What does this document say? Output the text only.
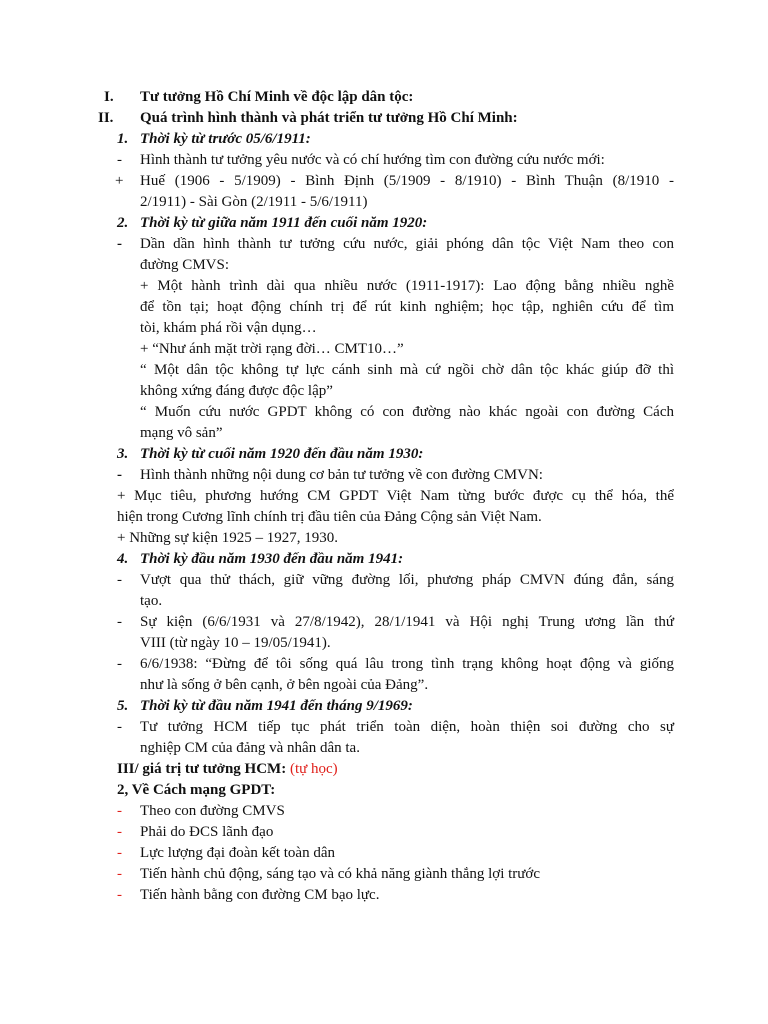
I. Tư tưởng Hồ Chí Minh về độc lập dân tộc:
II. Quá trình hình thành và phát triển tư tưởng Hồ Chí Minh:
1. Thời kỳ từ trước 05/6/1911:
- Hình thành tư tưởng yêu nước và có chí hướng tìm con đường cứu nước mới:
+ Huế (1906 - 5/1909) - Bình Định (5/1909 - 8/1910) - Bình Thuận (8/1910 -
2/1911) - Sài Gòn (2/1911 - 5/6/1911)
2. Thời kỳ từ giữa năm 1911 đến cuối năm 1920:
- Dần dần hình thành tư tưởng cứu nước, giải phóng dân tộc Việt Nam theo con
đường CMVS:
+ Một hành trình dài qua nhiều nước (1911-1917): Lao động bằng nhiều nghề
để tồn tại; hoạt động chính trị để rút kinh nghiệm; học tập, nghiên cứu để tìm
tòi, khám phá rồi vận dụng…
+ “Như ánh mặt trời rạng đời… CMT10…”
“ Một dân tộc không tự lực cánh sinh mà cứ ngồi chờ dân tộc khác giúp đỡ thì
không xứng đáng được độc lập”
“ Muốn cứu nước GPDT không có con đường nào khác ngoài con đường Cách
mạng vô sản”
3. Thời kỳ từ cuối năm 1920 đến đầu năm 1930:
- Hình thành những nội dung cơ bản tư tưởng về con đường CMVN:
+ Mục tiêu, phương hướng CM GPDT Việt Nam từng bước được cụ thể hóa, thể
hiện trong Cương lĩnh chính trị đầu tiên của Đảng Cộng sản Việt Nam.
+ Những sự kiện 1925 – 1927, 1930.
4. Thời kỳ đầu năm 1930 đến đầu năm 1941:
- Vượt qua thử thách, giữ vững đường lối, phương pháp CMVN đúng đắn, sáng
tạo.
- Sự kiện (6/6/1931 và 27/8/1942), 28/1/1941 và Hội nghị Trung ương lần thứ
VIII (từ ngày 10 – 19/05/1941).
- 6/6/1938: “Đừng để tôi sống quá lâu trong tình trạng không hoạt động và giống
như là sống ở bên cạnh, ở bên ngoài của Đảng”.
5. Thời kỳ từ đầu năm 1941 đến tháng 9/1969:
- Tư tưởng HCM tiếp tục phát triển toàn diện, hoàn thiện soi đường cho sự
nghiệp CM của đảng và nhân dân ta.
III/ giá trị tư tưởng HCM: (tự học)
2, Về Cách mạng GPDT:
- Theo con đường CMVS
- Phải do ĐCS lãnh đạo
- Lực lượng đại đoàn kết toàn dân
- Tiến hành chủ động, sáng tạo và có khả năng giành thắng lợi trước
- Tiến hành bằng con đường CM bạo lực.
